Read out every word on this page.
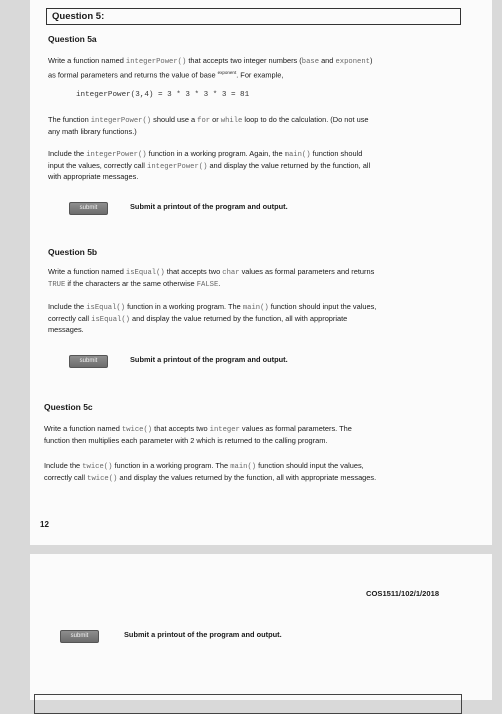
Question 5:
Question 5a
Write a function named integerPower() that accepts two integer numbers (base and exponent)
as formal parameters and returns the value of base $^{exponent}$. For example,
integerPower(3,4) = 3 * 3 * 3 * 3 = 81
The function integerPower() should use a for or while loop to do the calculation. (Do not use
any math library functions.)
Include the integerPower() function in a working program. Again, the main() function should
input the values, correctly call integerPower() and display the value returned by the function, all
with appropriate messages.
submit	Submit a printout of the program and output.
Question 5b
Write a function named isEqual() that accepts two char values as formal parameters and returns
TRUE if the characters ar the same otherwise FALSE.
Include the isEqual() function in a working program. The main() function should input the values,
correctly call isEqual() and display the value returned by the function, all with appropriate
messages.
submit	Submit a printout of the program and output.
Question 5c
Write a function named twice() that accepts two integer values as formal parameters. The
function then multiplies each parameter with 2 which is returned to the calling program.
Include the twice() function in a working program. The main() function should input the values,
correctly call twice() and display the values returned by the function, all with appropriate messages.
12
COS1511/102/1/2018
submit	Submit a printout of the program and output.
